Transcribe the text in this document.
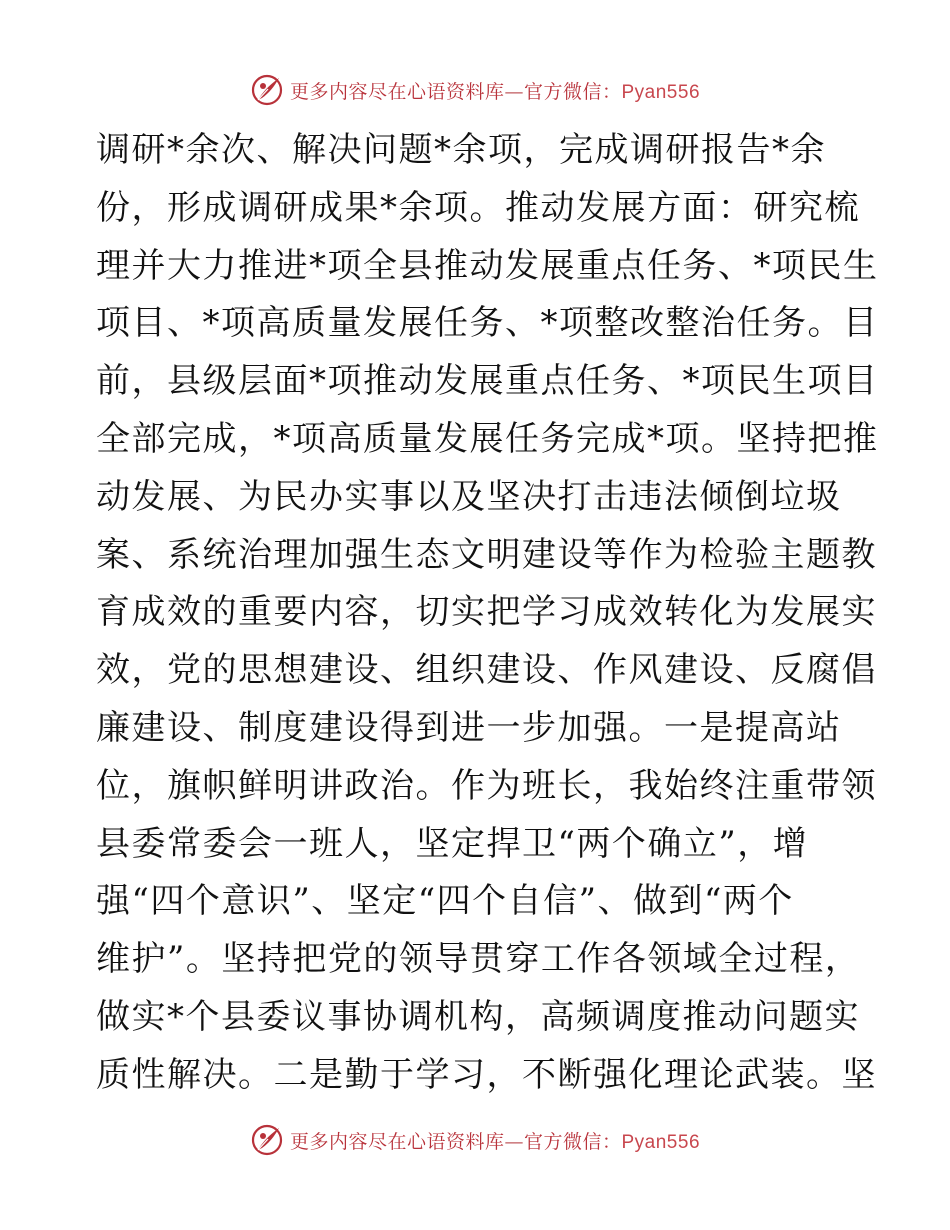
更多内容尽在心语资料库—官方微信：Pyan556
调研*余次、解决问题*余项，完成调研报告*余
份，形成调研成果*余项。推动发展方面：研究梳
理并大力推进*项全县推动发展重点任务、*项民生
项目、*项高质量发展任务、*项整改整治任务。目
前，县级层面*项推动发展重点任务、*项民生项目
全部完成，*项高质量发展任务完成*项。坚持把推
动发展、为民办实事以及坚决打击违法倾倒垃圾
案、系统治理加强生态文明建设等作为检验主题教
育成效的重要内容，切实把学习成效转化为发展实
效，党的思想建设、组织建设、作风建设、反腐倡
廉建设、制度建设得到进一步加强。一是提高站
位，旗帜鲜明讲政治。作为班长，我始终注重带领
县委常委会一班人，坚定捍卫“两个确立”，增
强“四个意识”、坚定“四个自信”、做到“两个
维护”。坚持把党的领导贯穿工作各领域全过程，
做实*个县委议事协调机构，高频调度推动问题实
质性解决。二是勤于学习，不断强化理论武装。坚
更多内容尽在心语资料库—官方微信：Pyan556
